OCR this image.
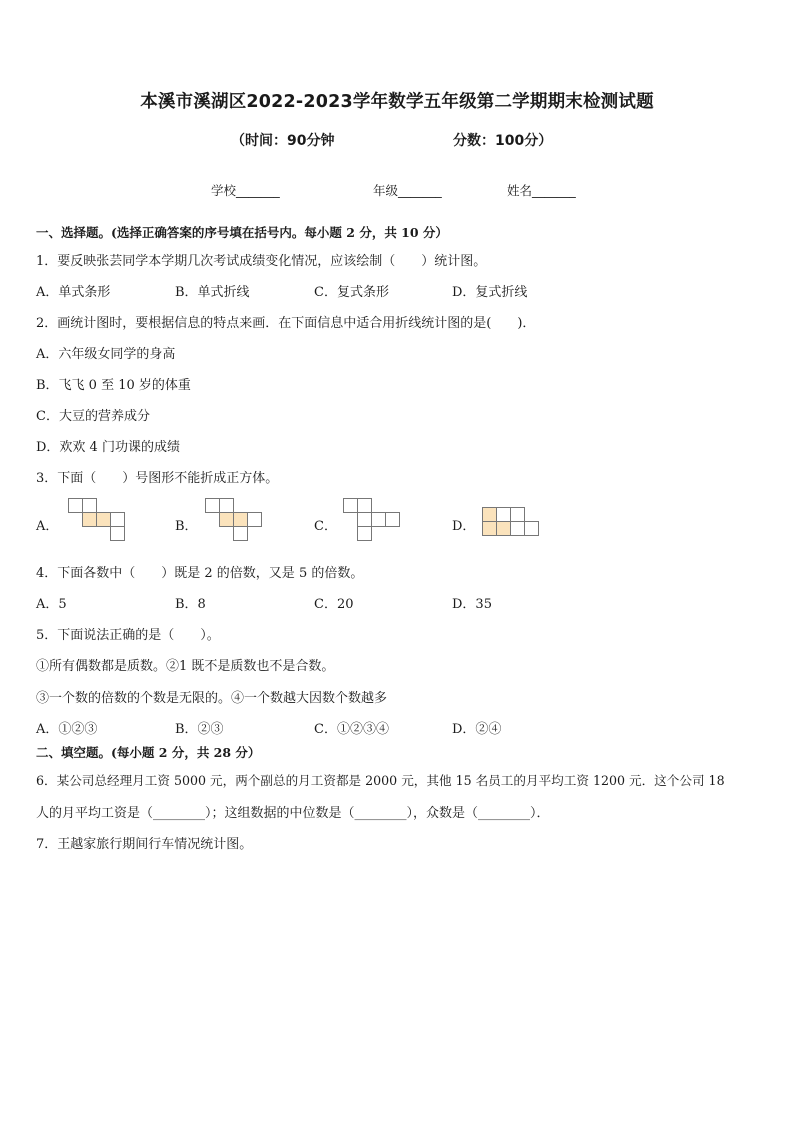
本溪市溪湖区2022-2023学年数学五年级第二学期期末检测试题
（时间：90分钟	分数：100分）
学校_______	年级_______	姓名_______
一、选择题。(选择正确答案的序号填在括号内。每小题 2 分，共 10 分）
1．要反映张芸同学本学期几次考试成绩变化情况，应该绘制（　　）统计图。
A．单式条形	B．单式折线	C．复式条形	D．复式折线
2．画统计图时，要根据信息的特点来画．在下面信息中适合用折线统计图的是(　　)．
A．六年级女同学的身高
B．飞飞 0 至 10 岁的体重
C．大豆的营养成分
D．欢欢 4 门功课的成绩
3．下面（　　）号图形不能折成正方体。
A．	B．	C．	D．
4．下面各数中（　　）既是 2 的倍数，又是 5 的倍数。
A．5	B．8	C．20	D．35
5．下面说法正确的是（　　）。
①所有偶数都是质数。②1 既不是质数也不是合数。
③一个数的倍数的个数是无限的。④一个数越大因数个数越多
A．①②③	B．②③	C．①②③④	D．②④
二、填空题。(每小题 2 分，共 28 分）
6．某公司总经理月工资 5000 元，两个副总的月工资都是 2000 元，其他 15 名员工的月平均工资 1200 元．这个公司 18
人的月平均工资是（________）；这组数据的中位数是（________），众数是（________）．
7．王越家旅行期间行车情况统计图。
